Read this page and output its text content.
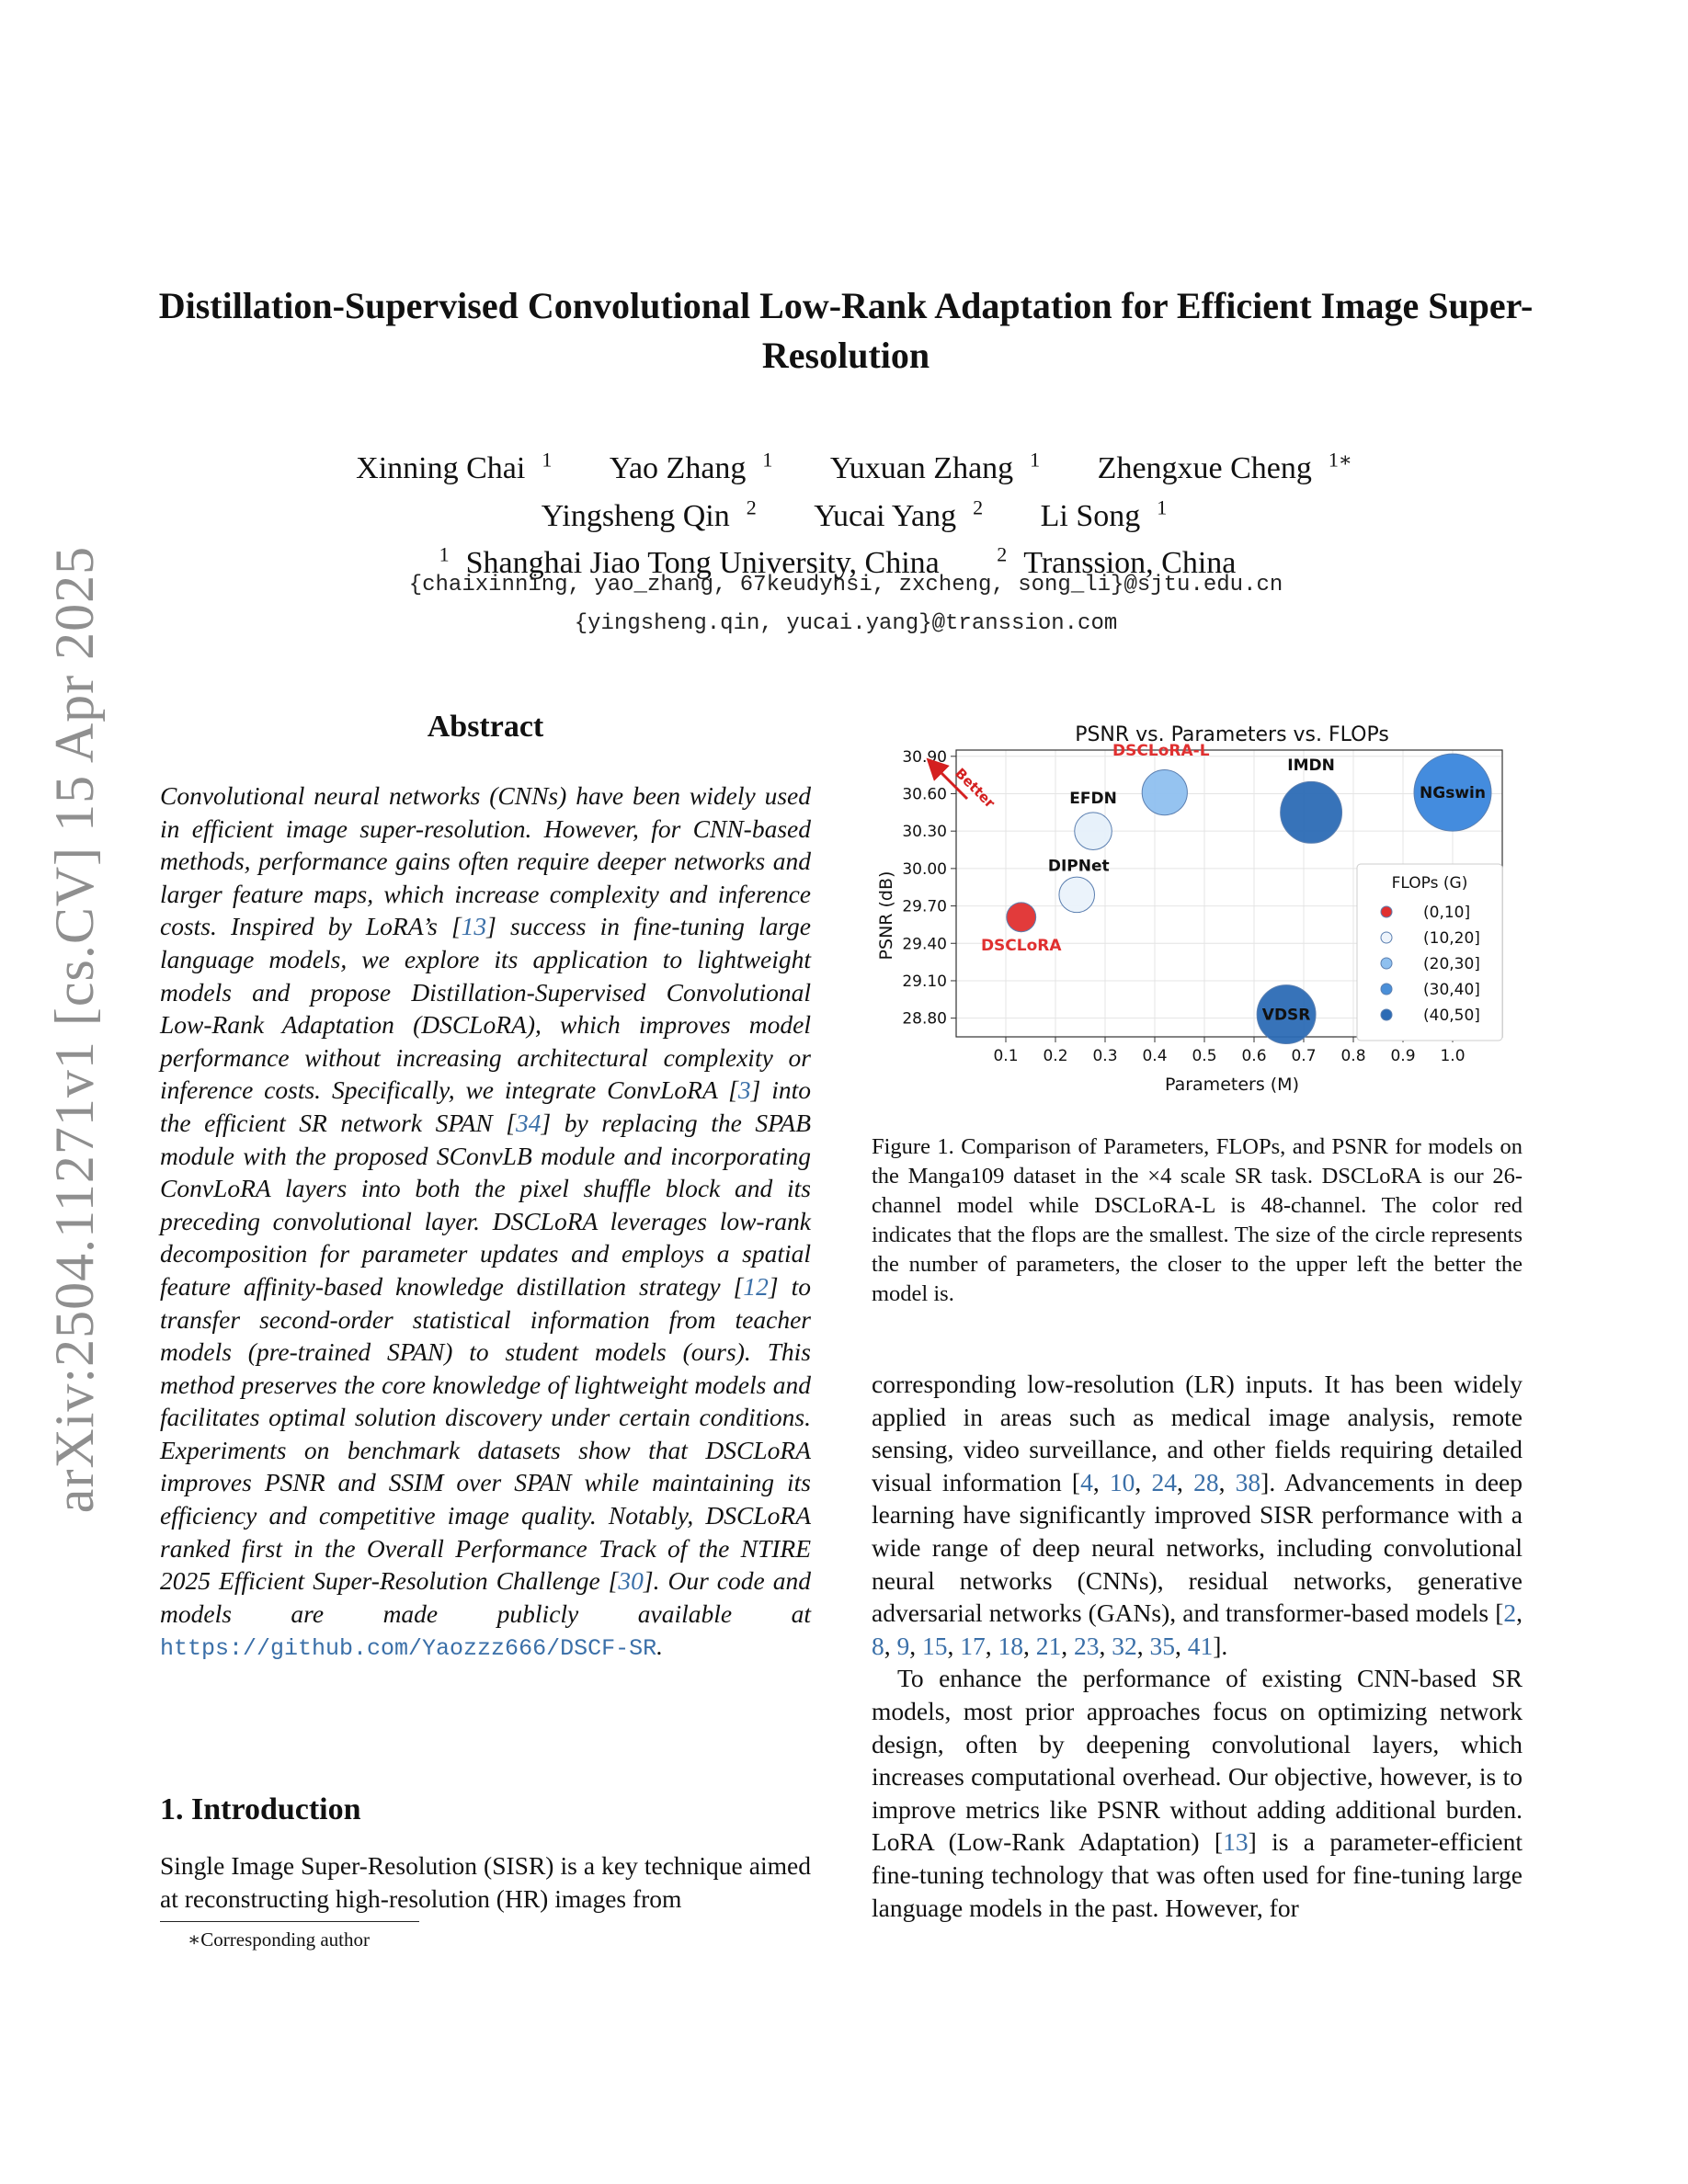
arXiv:2504.11271v1 [cs.CV] 15 Apr 2025
Distillation-Supervised Convolutional Low-Rank Adaptation for Efficient Image Super-Resolution
Xinning Chai $^1$ Yao Zhang $^1$ Yuxuan Zhang $^1$ Zhengxue Cheng $^{1∗}$
Yingsheng Qin $^2$ Yucai Yang $^2$ Li Song $^1$
$^1$ Shanghai Jiao Tong University, China	$^2$ Transsion, China
{chaixinning, yao_zhang, 67keudyhsi, zxcheng, song_li}@sjtu.edu.cn
{yingsheng.qin, yucai.yang}@transsion.com
Abstract
Convolutional neural networks (CNNs) have been widely used in efficient image super-resolution. However, for CNN-based methods, performance gains often require deeper networks and larger feature maps, which increase complexity and inference costs. Inspired by LoRA’s [13] success in fine-tuning large language models, we explore its application to lightweight models and propose Distillation-Supervised Convolutional Low-Rank Adaptation (DSCLoRA), which improves model performance without increasing architectural complexity or inference costs. Specifically, we integrate ConvLoRA [3] into the efficient SR network SPAN [34] by replacing the SPAB module with the proposed SConvLB module and incorporating ConvLoRA layers into both the pixel shuffle block and its preceding convolutional layer. DSCLoRA leverages low-rank decomposition for parameter updates and employs a spatial feature affinity-based knowledge distillation strategy [12] to transfer second-order statistical information from teacher models (pre-trained SPAN) to student models (ours). This method preserves the core knowledge of lightweight models and facilitates optimal solution discovery under certain conditions. Experiments on benchmark datasets show that DSCLoRA improves PSNR and SSIM over SPAN while maintaining its efficiency and competitive image quality. Notably, DSCLoRA ranked first in the Overall Performance Track of the NTIRE 2025 Efficient Super-Resolution Challenge [30]. Our code and models are made publicly available at https://github.com/Yaozzz666/DSCF-SR.
1. Introduction
Single Image Super-Resolution (SISR) is a key technique aimed at reconstructing high-resolution (HR) images from
∗Corresponding author
PSNR vs. Parameters vs. FLOPs
0.1 0.2 0.3 0.4 0.5 0.6 0.7 0.8 0.9 1.0
28.80
29.10
29.40
29.70
30.00
30.30
30.60
30.90
DSCLoRA
DIPNet
EFDN
DSCLoRA-L
IMDN
VDSR
NGswin
Better
FLOPs (G)
(0,10]
(10,20]
(20,30]
(30,40]
(40,50]
Parameters (M)
PSNR (dB)
Figure 1. Comparison of Parameters, FLOPs, and PSNR for models on the Manga109 dataset in the ×4 scale SR task. DSCLoRA is our 26-channel model while DSCLoRA-L is 48-channel. The color red indicates that the flops are the smallest. The size of the circle represents the number of parameters, the closer to the upper left the better the model is.

corresponding low-resolution (LR) inputs. It has been widely applied in areas such as medical image analysis, remote sensing, video surveillance, and other fields requiring detailed visual information [4, 10, 24, 28, 38]. Advancements in deep learning have significantly improved SISR performance with a wide range of deep neural networks, including convolutional neural networks (CNNs), residual networks, generative adversarial networks (GANs), and transformer-based models [2, 8, 9, 15, 17, 18, 21, 23, 32, 35, 41].

To enhance the performance of existing CNN-based SR models, most prior approaches focus on optimizing network design, often by deepening convolutional layers, which increases computational overhead. Our objective, however, is to improve metrics like PSNR without adding additional burden. LoRA (Low-Rank Adaptation) [13] is a parameter-efficient fine-tuning technology that was often used for fine-tuning large language models in the past. However, for
